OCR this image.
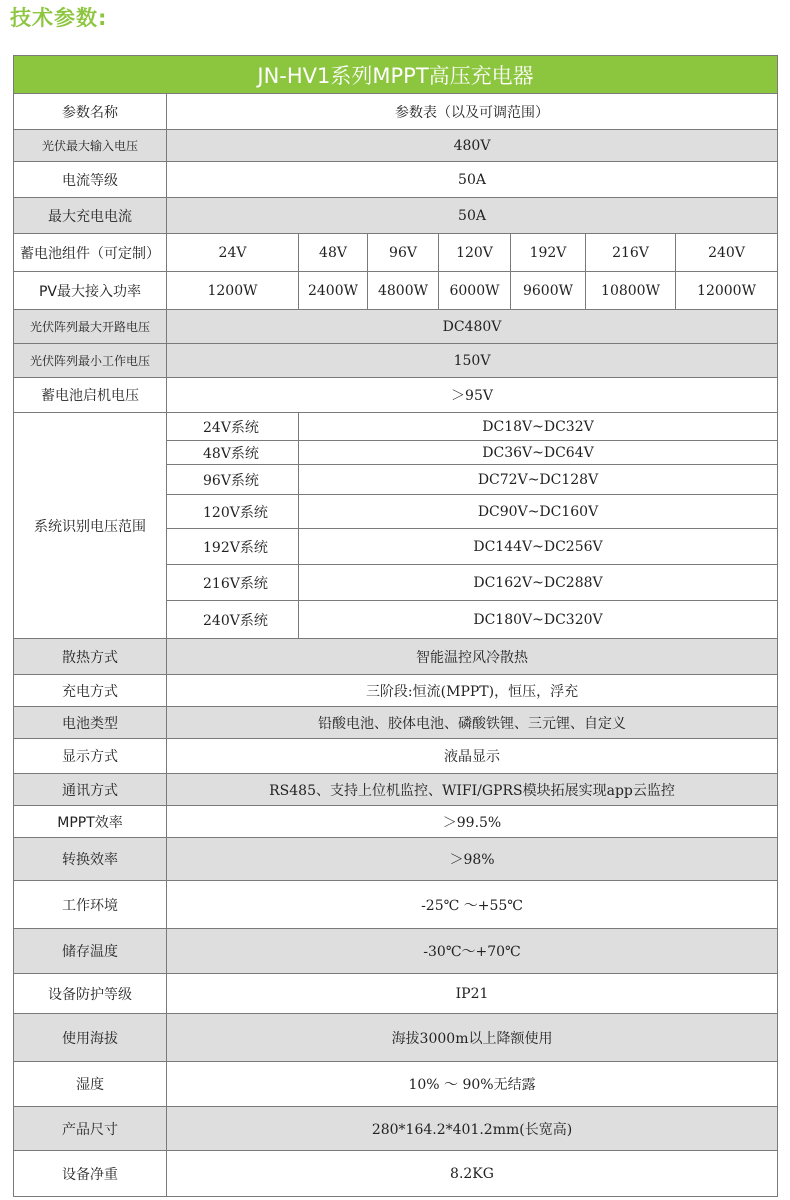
技术参数:
JN-HV1系列MPPT高压充电器							
参数名称	参数表（以及可调范围）						
光伏最大输入电压	480V						
电流等级	50A						
最大充电电流	50A						
蓄电池组件（可定制）	24V	48V	96V	120V	192V	216V	240V
PV最大接入功率	1200W	2400W	4800W	6000W	9600W	10800W	12000W
光伏阵列最大开路电压	DC480V						
光伏阵列最小工作电压	150V						
蓄电池启机电压	＞95V						
系统识别电压范围	24V系统	DC18V~DC32V					
	48V系统	DC36V~DC64V					
	96V系统	DC72V~DC128V					
	120V系统	DC90V~DC160V					
	192V系统	DC144V~DC256V					
	216V系统	DC162V~DC288V					
	240V系统	DC180V~DC320V					
散热方式	智能温控风冷散热						
充电方式	三阶段:恒流(MPPT)，恒压，浮充						
电池类型	铅酸电池、胶体电池、磷酸铁锂、三元锂、自定义						
显示方式	液晶显示						
通讯方式	RS485、支持上位机监控、WIFI/GPRS模块拓展实现app云监控						
MPPT效率	＞99.5%						
转换效率	＞98%						
工作环境	-25℃ ～+55℃						
储存温度	-30℃～+70℃						
设备防护等级	IP21						
使用海拔	海拔3000m以上降额使用						
湿度	10% ～ 90%无结露						
产品尺寸	280*164.2*401.2mm(长宽高)						
设备净重	8.2KG						
